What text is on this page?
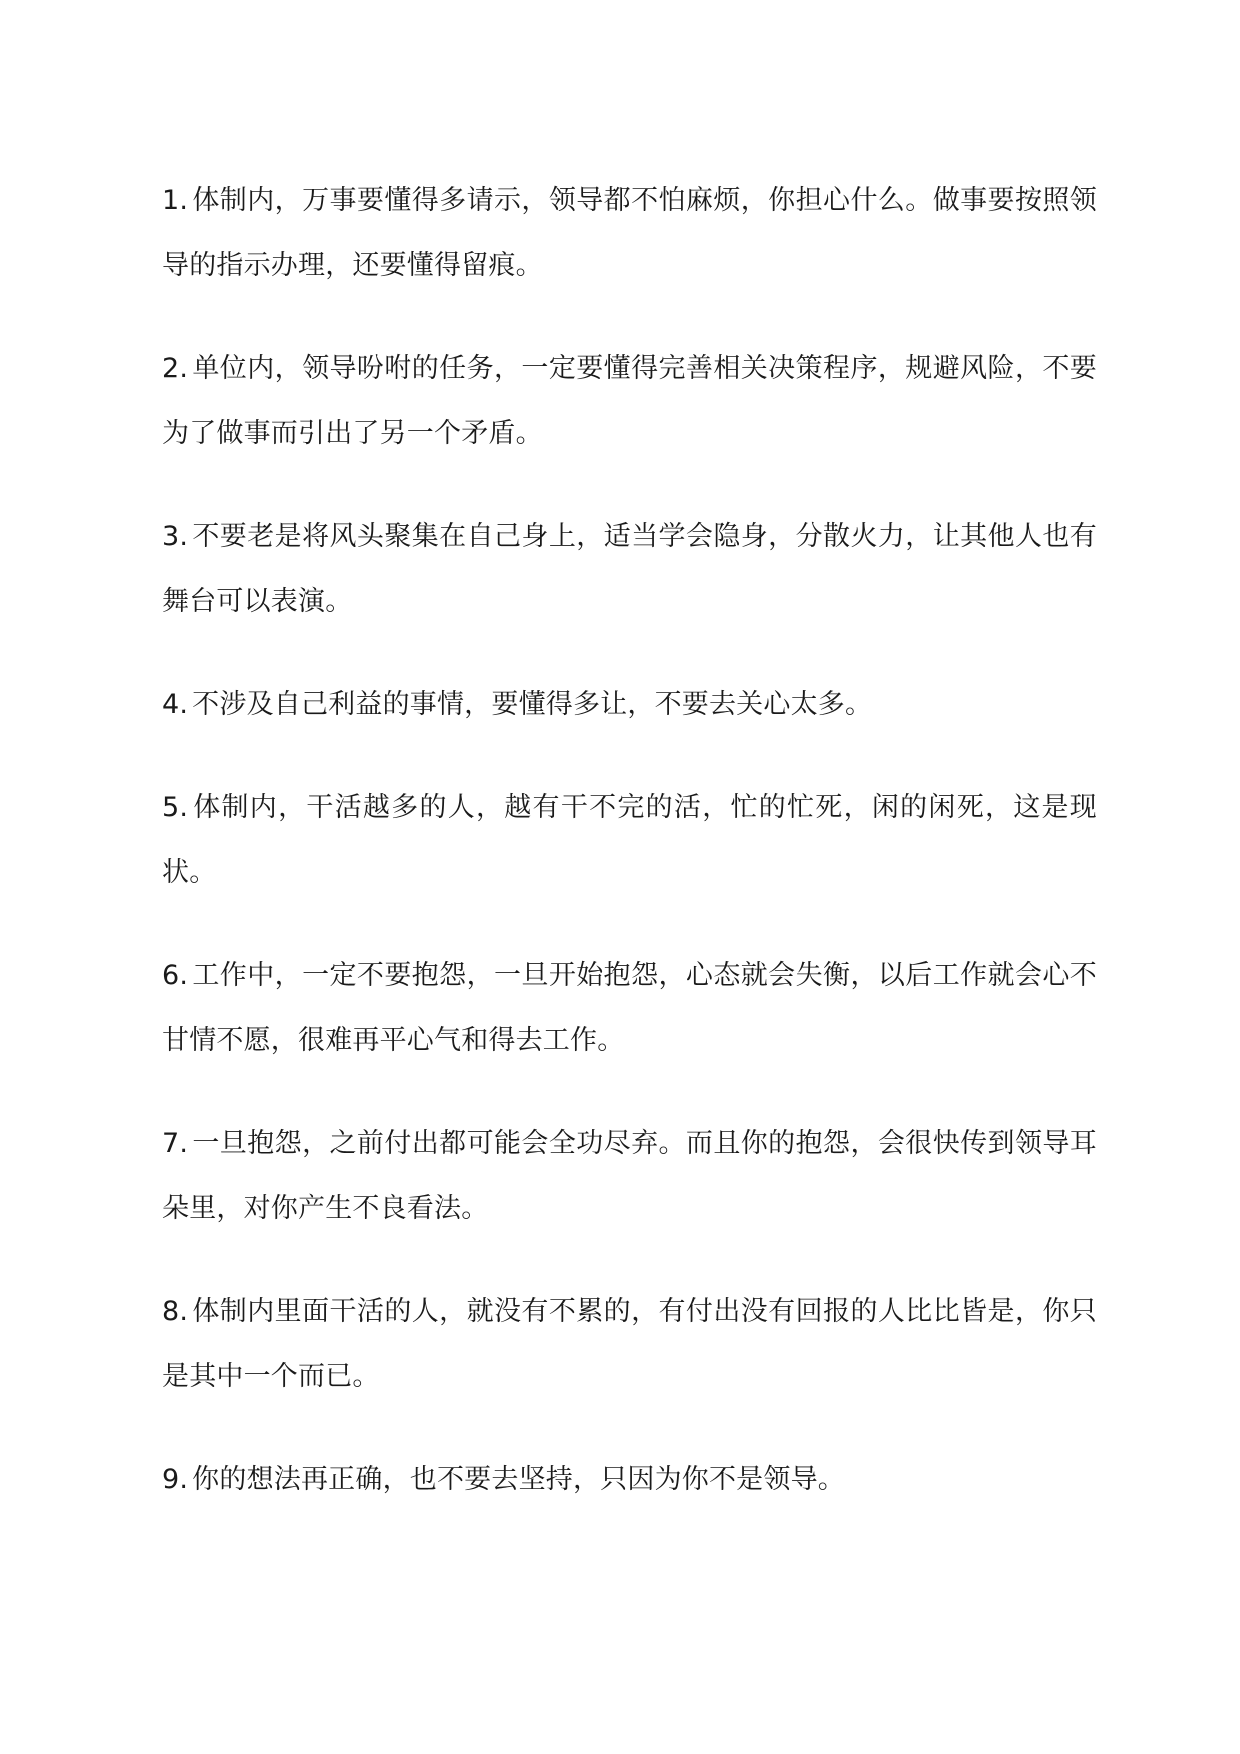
1. 体制内，万事要懂得多请示，领导都不怕麻烦，你担心什么。做事要按照领导的指示办理，还要懂得留痕。

2. 单位内，领导吩咐的任务，一定要懂得完善相关决策程序，规避风险，不要为了做事而引出了另一个矛盾。

3. 不要老是将风头聚集在自己身上，适当学会隐身，分散火力，让其他人也有舞台可以表演。

4. 不涉及自己利益的事情，要懂得多让，不要去关心太多。

5. 体制内，干活越多的人，越有干不完的活，忙的忙死，闲的闲死，这是现状。

6. 工作中，一定不要抱怨，一旦开始抱怨，心态就会失衡，以后工作就会心不甘情不愿，很难再平心气和得去工作。

7. 一旦抱怨，之前付出都可能会全功尽弃。而且你的抱怨，会很快传到领导耳朵里，对你产生不良看法。

8. 体制内里面干活的人，就没有不累的，有付出没有回报的人比比皆是，你只是其中一个而已。

9. 你的想法再正确，也不要去坚持，只因为你不是领导。
